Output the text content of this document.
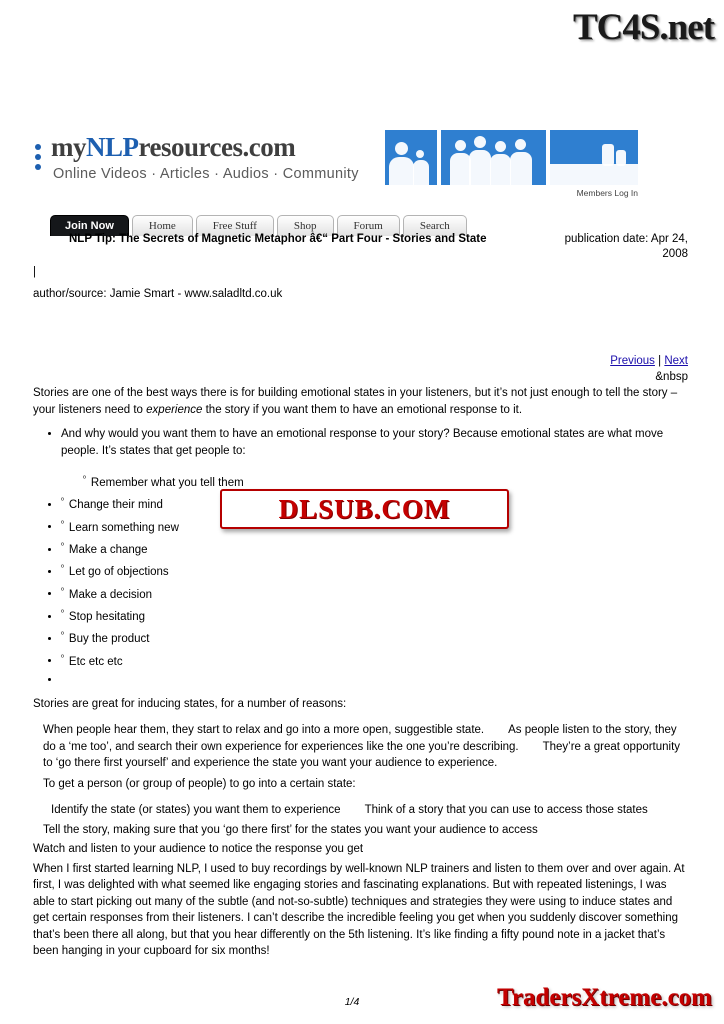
TC4S.net
myNLPresources.com
Online Videos · Articles · Audios · Community
Members Log In
Join Now	Home	Free Stuff	Shop	Forum	Search
NLP Tip: The Secrets of Magnetic Metaphor â€“ Part Four - Stories and State	publication date: Apr 24, 2008
|
author/source: Jamie Smart - www.saladltd.co.uk
Previous | Next
&nbsp

Stories are one of the best ways there is for building emotional states in your listeners, but it’s not just enough to tell the story – your listeners need to experience the story if you want them to have an emotional response to it.

• And why would you want them to have an emotional response to your story? Because emotional states are what move people. It’s states that get people to:
$^º$ Remember what you tell them
• $^º$ Change their mind
• $^º$ Learn something new
• $^º$ Make a change
• $^º$ Let go of objections
• $^º$ Make a decision
• $^º$ Stop hesitating
• $^º$ Buy the product
• $^º$ Etc etc etc
•

Stories are great for inducing states, for a number of reasons:

When people hear them, they start to relax and go into a more open, suggestible state. As people listen to the story, they do a ‘me too’, and search their own experience for experiences like the one you’re describing. They’re a great opportunity to ‘go there first yourself’ and experience the state you want your audience to experience.

To get a person (or group of people) to go into a certain state:

Identify the state (or states) you want them to experience Think of a story that you can use to access those states

Tell the story, making sure that you ‘go there first’ for the states you want your audience to access

Watch and listen to your audience to notice the response you get

When I first started learning NLP, I used to buy recordings by well-known NLP trainers and listen to them over and over again. At first, I was delighted with what seemed like engaging stories and fascinating explanations. But with repeated listenings, I was able to start picking out many of the subtle (and not-so-subtle) techniques and strategies they were using to induce states and get certain responses from their listeners. I can’t describe the incredible feeling you get when you suddenly discover something that’s been there all along, but that you hear differently on the 5th listening. It’s like finding a fifty pound note in a jacket that’s been hanging in your cupboard for six months!

DLSUB.COM
1/4	TradersXtreme.com
